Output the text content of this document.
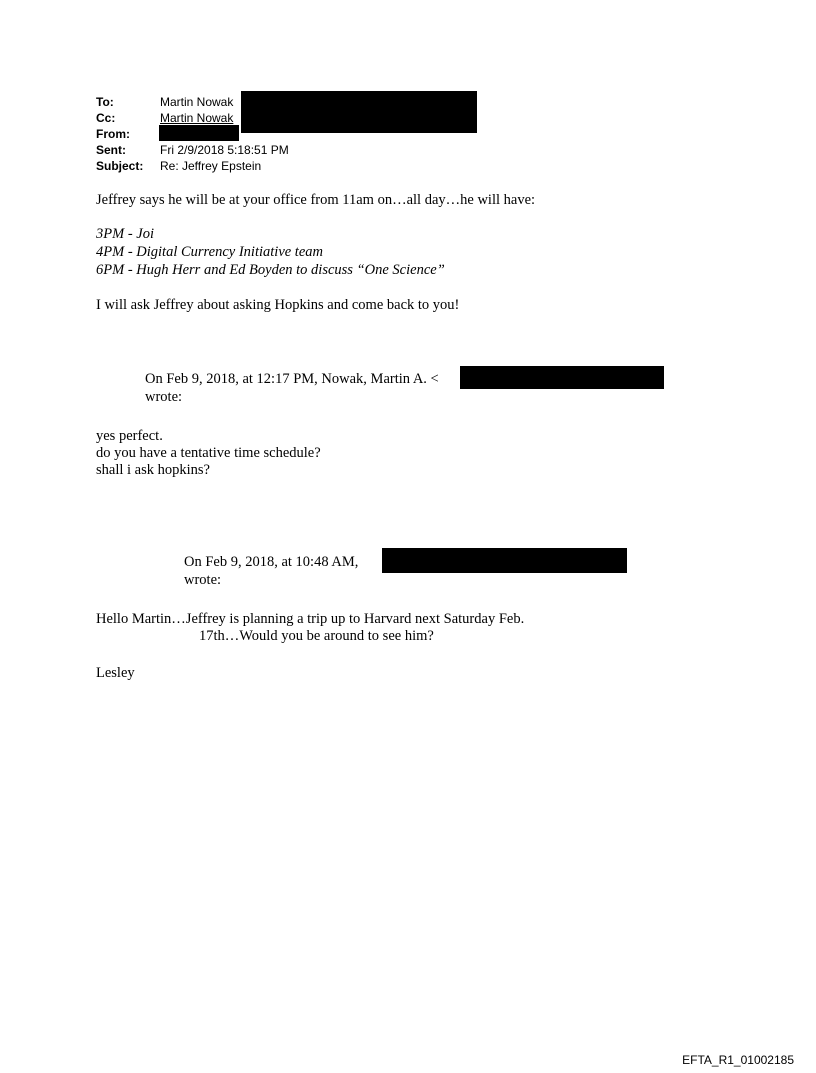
To:	Martin Nowak
Cc:	Martin Nowak
From:
Sent:	Fri 2/9/2018 5:18:51 PM
Subject: Re: Jeffrey Epstein
Jeffrey says he will be at your office from 11am on…all day…he will have:
3PM - Joi
4PM - Digital Currency Initiative team
6PM - Hugh Herr and Ed Boyden to discuss “One Science”
I will ask Jeffrey about asking Hopkins and come back to you!
On Feb 9, 2018, at 12:17 PM, Nowak, Martin A. <
wrote:
yes perfect.
do you have a tentative time schedule?
shall i ask hopkins?
On Feb 9, 2018, at 10:48 AM,
wrote:
Hello Martin…Jeffrey is planning a trip up to Harvard next Saturday Feb.
17th…Would you be around to see him?
Lesley
EFTA_R1_01002185
